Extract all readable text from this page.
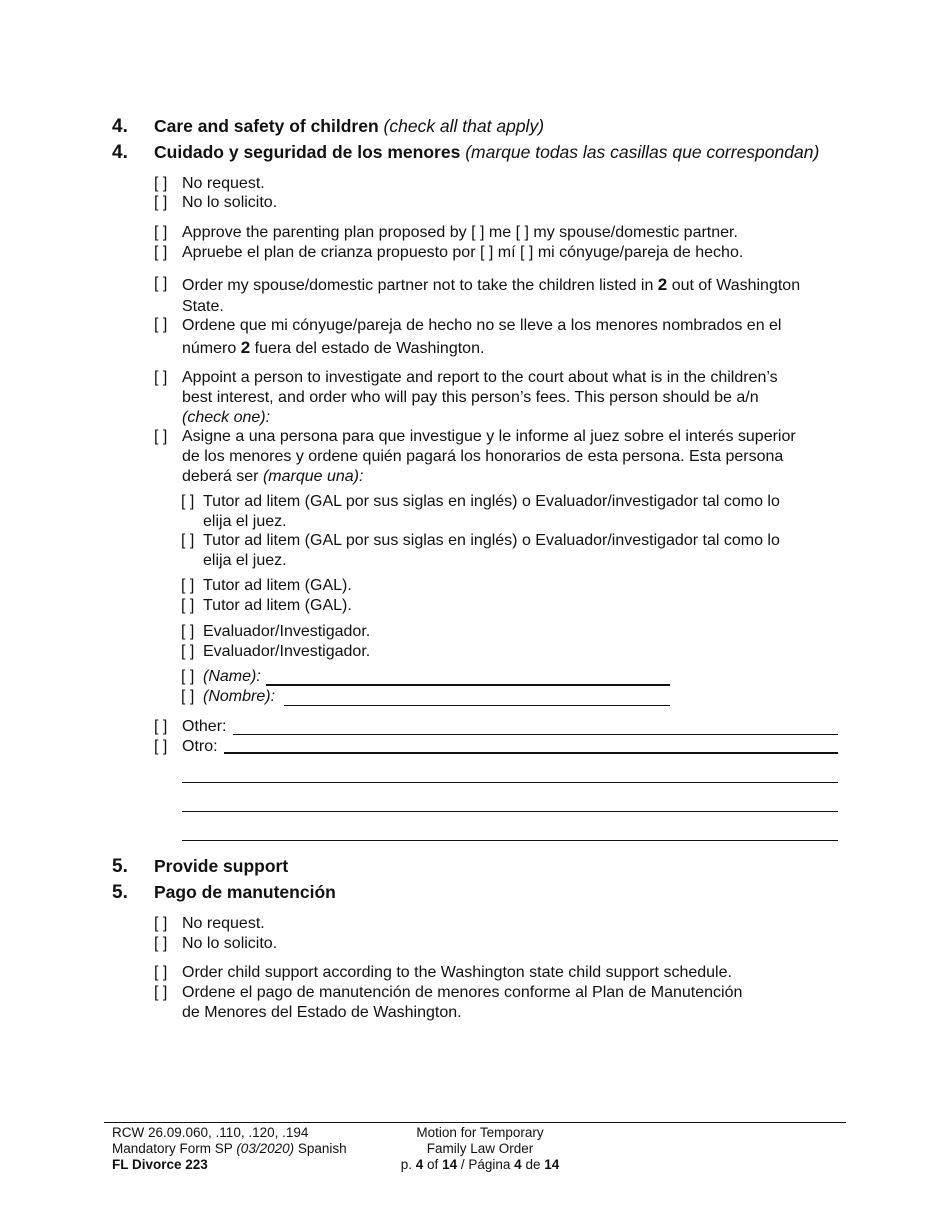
4. Care and safety of children (check all that apply)
4. Cuidado y seguridad de los menores (marque todas las casillas que correspondan)
[ ] No request.
[ ] No lo solicito.
[ ] Approve the parenting plan proposed by [ ] me [ ] my spouse/domestic partner.
[ ] Apruebe el plan de crianza propuesto por [ ] mí [ ] mi cónyuge/pareja de hecho.
[ ] Order my spouse/domestic partner not to take the children listed in 2 out of Washington
State.
[ ] Ordene que mi cónyuge/pareja de hecho no se lleve a los menores nombrados en el
número 2 fuera del estado de Washington.
[ ] Appoint a person to investigate and report to the court about what is in the children’s
best interest, and order who will pay this person’s fees. This person should be a/n
(check one):
[ ] Asigne a una persona para que investigue y le informe al juez sobre el interés superior
de los menores y ordene quién pagará los honorarios de esta persona. Esta persona
deberá ser (marque una):
[ ] Tutor ad litem (GAL por sus siglas en inglés) o Evaluador/investigador tal como lo
elija el juez.
[ ] Tutor ad litem (GAL por sus siglas en inglés) o Evaluador/investigador tal como lo
elija el juez.
[ ] Tutor ad litem (GAL).
[ ] Tutor ad litem (GAL).
[ ] Evaluador/Investigador.
[ ] Evaluador/Investigador.
[ ] (Name):
[ ] (Nombre):
[ ] Other:
[ ] Otro:
5. Provide support
5. Pago de manutención
[ ] No request.
[ ] No lo solicito.
[ ] Order child support according to the Washington state child support schedule.
[ ] Ordene el pago de manutención de menores conforme al Plan de Manutención
de Menores del Estado de Washington.
RCW 26.09.060, .110, .120, .194
Mandatory Form SP (03/2020) Spanish
FL Divorce 223
Motion for Temporary
Family Law Order
p. 4 of 14 / Página 4 de 14
